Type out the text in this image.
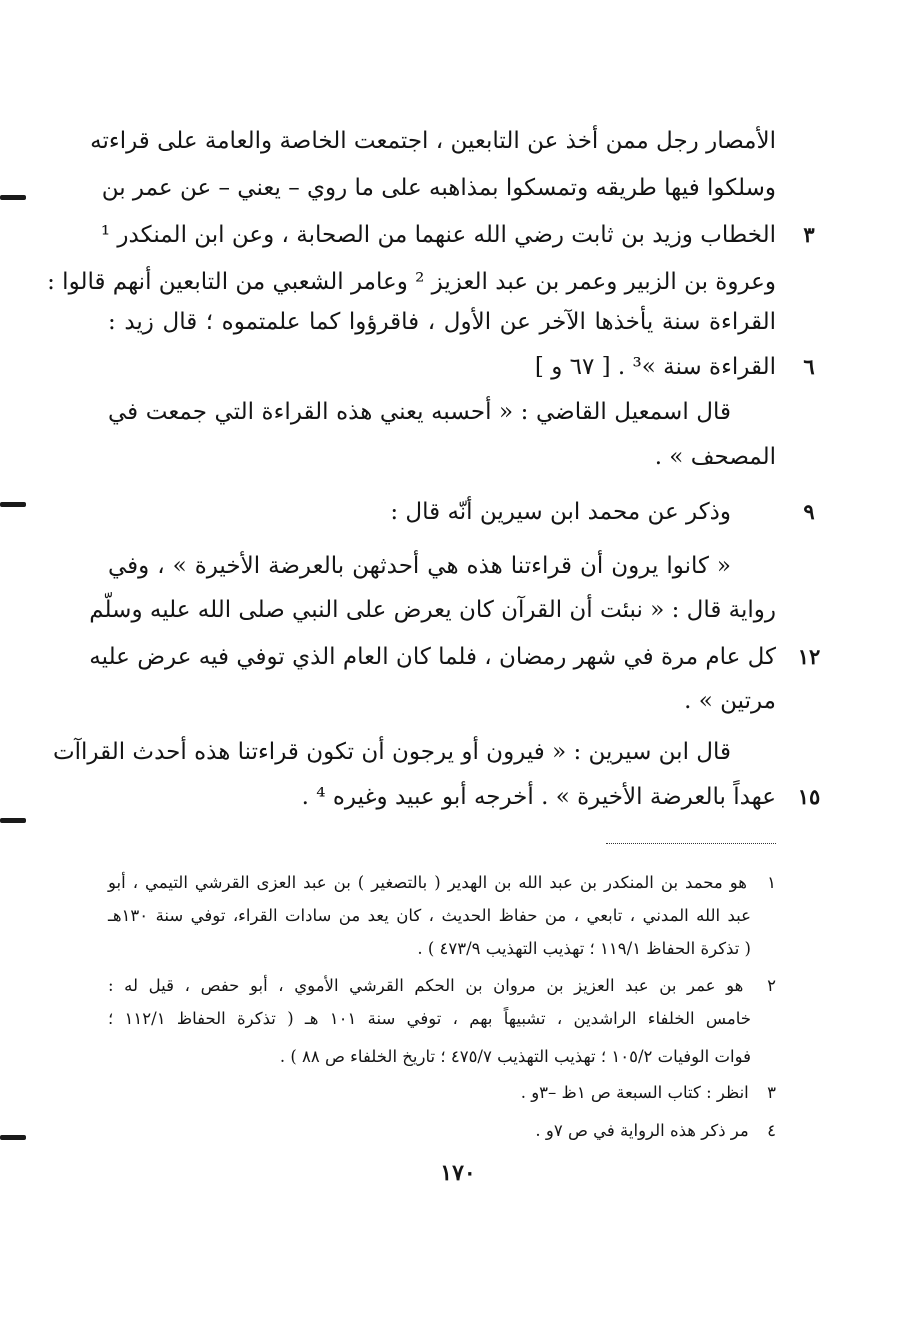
الأمصار رجل ممن أخذ عن التابعين ، اجتمعت الخاصة والعامة على قراءته
وسلكوا فيها طريقه وتمسكوا بمذاهبه على ما روي – يعني – عن عمر بن
٣
الخطاب وزيد بن ثابت رضي الله عنهما من الصحابة ، وعن ابن المنكدر ¹
وعروة بن الزبير وعمر بن عبد العزيز ² وعامر الشعبي من التابعين أنهم قالوا :
القراءة سنة يأخذها الآخر عن الأول ، فاقرؤوا كما علمتموه ؛ قال زيد :
٦
القراءة سنة »³ . [ ٦٧ و ]
قال اسمعيل القاضي : « أحسبه يعني هذه القراءة التي جمعت في
المصحف » .
٩
وذكر عن محمد ابن سيرين أنّه قال :
« كانوا يرون أن قراءتنا هذه هي أحدثهن بالعرضة الأخيرة » ، وفي
رواية قال : « نبئت أن القرآن كان يعرض على النبي صلى الله عليه وسلّم
١٢
كل عام مرة في شهر رمضان ، فلما كان العام الذي توفي فيه عرض عليه
مرتين » .
قال ابن سيرين : « فيرون أو يرجون أن تكون قراءتنا هذه أحدث القراآت
١٥
عهداً بالعرضة الأخيرة » . أخرجه أبو عبيد وغيره ⁴ .
١ هو محمد بن المنكدر بن عبد الله بن الهدير ( بالتصغير ) بن عبد العزى القرشي التيمي ، أبو
عبد الله المدني ، تابعي ، من حفاظ الحديث ، كان يعد من سادات القراء، توفي سنة ١٣٠هـ
( تذكرة الحفاظ ١١٩/١ ؛ تهذيب التهذيب ٤٧٣/٩ ) .
٢ هو عمر بن عبد العزيز بن مروان بن الحكم القرشي الأموي ، أبو حفص ، قيل له :
خامس الخلفاء الراشدين ، تشبيهاً بهم ، توفي سنة ١٠١ هـ ( تذكرة الحفاظ ١١٢/١ ؛
فوات الوفيات ١٠٥/٢ ؛ تهذيب التهذيب ٤٧٥/٧ ؛ تاريخ الخلفاء ص ٨٨ ) .
٣ انظر : كتاب السبعة ص ١ظ –٣و .
٤ مر ذكر هذه الرواية في ص ٧و .
١٧٠
